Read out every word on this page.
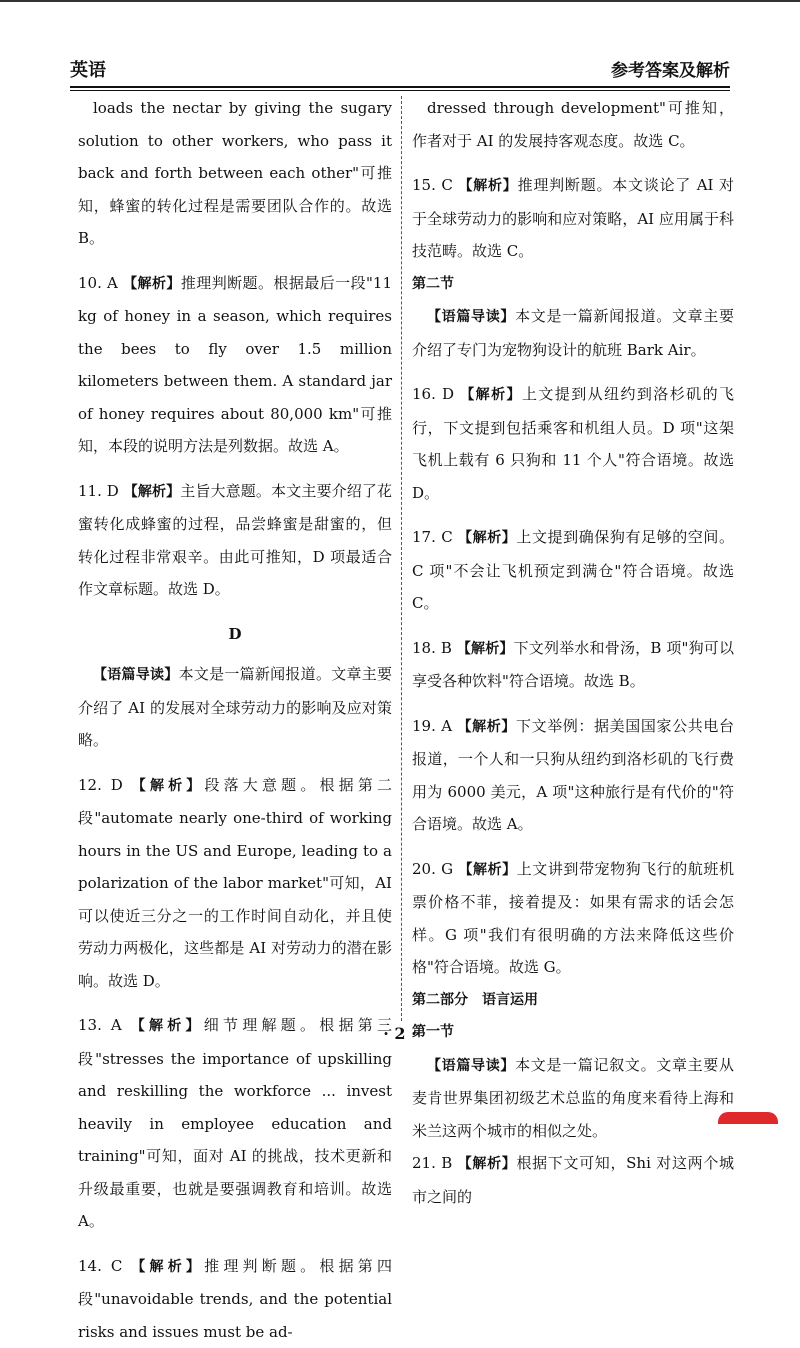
英语	参考答案及解析

loads the nectar by giving the sugary solution to other workers, who pass it back and forth between each other"可推知，蜂蜜的转化过程是需要团队合作的。故选 B。

10. A 【解析】推理判断题。根据最后一段"11 kg of honey in a season, which requires the bees to fly over 1.5 million kilometers between them. A standard jar of honey requires about 80,000 km"可推知，本段的说明方法是列数据。故选 A。

11. D 【解析】主旨大意题。本文主要介绍了花蜜转化成蜂蜜的过程，品尝蜂蜜是甜蜜的，但转化过程非常艰辛。由此可推知，D 项最适合作文章标题。故选 D。

D

【语篇导读】本文是一篇新闻报道。文章主要介绍了 AI 的发展对全球劳动力的影响及应对策略。

12. D 【解析】段落大意题。根据第二段"automate nearly one-third of working hours in the US and Europe, leading to a polarization of the labor market"可知，AI 可以使近三分之一的工作时间自动化，并且使劳动力两极化，这些都是 AI 对劳动力的潜在影响。故选 D。

13. A 【解析】细节理解题。根据第三段"stresses the importance of upskilling and reskilling the workforce ... invest heavily in employee education and training"可知，面对 AI 的挑战，技术更新和升级最重要，也就是要强调教育和培训。故选 A。

14. C 【解析】推理判断题。根据第四段"unavoidable trends, and the potential risks and issues must be ad-

dressed through development"可推知，作者对于 AI 的发展持客观态度。故选 C。

15. C 【解析】推理判断题。本文谈论了 AI 对于全球劳动力的影响和应对策略，AI 应用属于科技范畴。故选 C。

第二节

【语篇导读】本文是一篇新闻报道。文章主要介绍了专门为宠物狗设计的航班 Bark Air。

16. D 【解析】上文提到从纽约到洛杉矶的飞行，下文提到包括乘客和机组人员。D 项"这架飞机上载有 6 只狗和 11 个人"符合语境。故选 D。

17. C 【解析】上文提到确保狗有足够的空间。C 项"不会让飞机预定到满仓"符合语境。故选 C。

18. B 【解析】下文列举水和骨汤，B 项"狗可以享受各种饮料"符合语境。故选 B。

19. A 【解析】下文举例：据美国国家公共电台报道，一个人和一只狗从纽约到洛杉矶的飞行费用为 6000 美元，A 项"这种旅行是有代价的"符合语境。故选 A。

20. G 【解析】上文讲到带宠物狗飞行的航班机票价格不菲，接着提及：如果有需求的话会怎样。G 项"我们有很明确的方法来降低这些价格"符合语境。故选 G。

第二部分　语言运用

第一节

【语篇导读】本文是一篇记叙文。文章主要从麦肯世界集团初级艺术总监的角度来看待上海和米兰这两个城市的相似之处。

21. B 【解析】根据下文可知，Shi 对这两个城市之间的

· 2 ·
